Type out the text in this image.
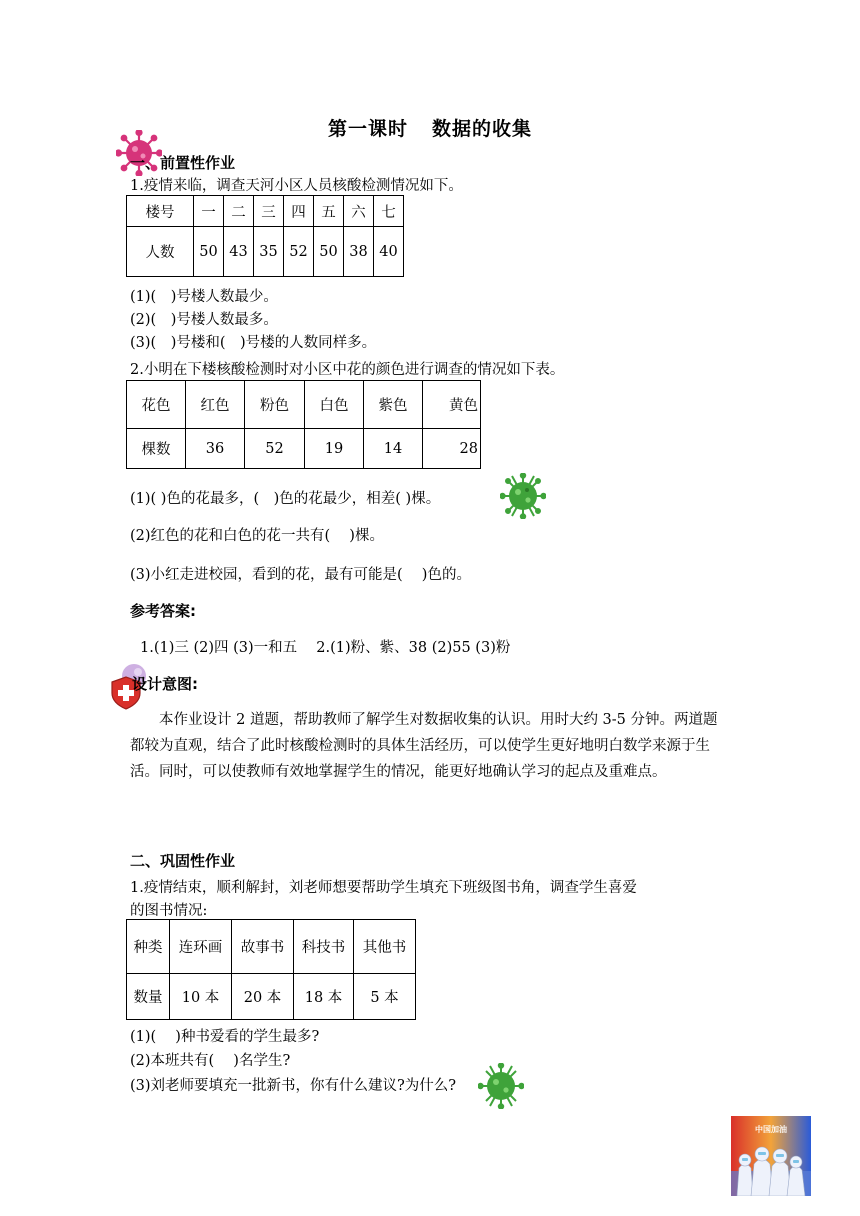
第一课时 数据的收集
一、前置性作业
1.疫情来临，调查天河小区人员核酸检测情况如下。
楼号	一	二	三	四	五	六	七
人数	50	43	35	52	50	38	40
(1)(　)号楼人数最少。
(2)(　)号楼人数最多。
(3)(　)号楼和(　)号楼的人数同样多。
2.小明在下楼核酸检测时对小区中花的颜色进行调查的情况如下表。
花色	红色	粉色	白色	紫色	黄色
棵数	36	52	19	14	28
(1)( )色的花最多，(　)色的花最少，相差( )棵。
(2)红色的花和白色的花一共有(　 )棵。
(3)小红走进校园，看到的花，最有可能是(　 )色的。
参考答案:
1.(1)三 (2)四 (3)一和五　 2.(1)粉、紫、38 (2)55 (3)粉
设计意图:
本作业设计 2 道题，帮助教师了解学生对数据收集的认识。用时大约 3-5 分钟。两道题都较为直观，结合了此时核酸检测时的具体生活经历，可以使学生更好地明白数学来源于生活。同时，可以使教师有效地掌握学生的情况，能更好地确认学习的起点及重难点。
二、巩固性作业
1.疫情结束，顺利解封，刘老师想要帮助学生填充下班级图书角，调查学生喜爱
的图书情况:
种类	连环画	故事书	科技书	其他书
数量	10 本	20 本	18 本	5 本
(1)(　 )种书爱看的学生最多?
(2)本班共有(　 )名学生?
(3)刘老师要填充一批新书，你有什么建议?为什么?
中国加油
